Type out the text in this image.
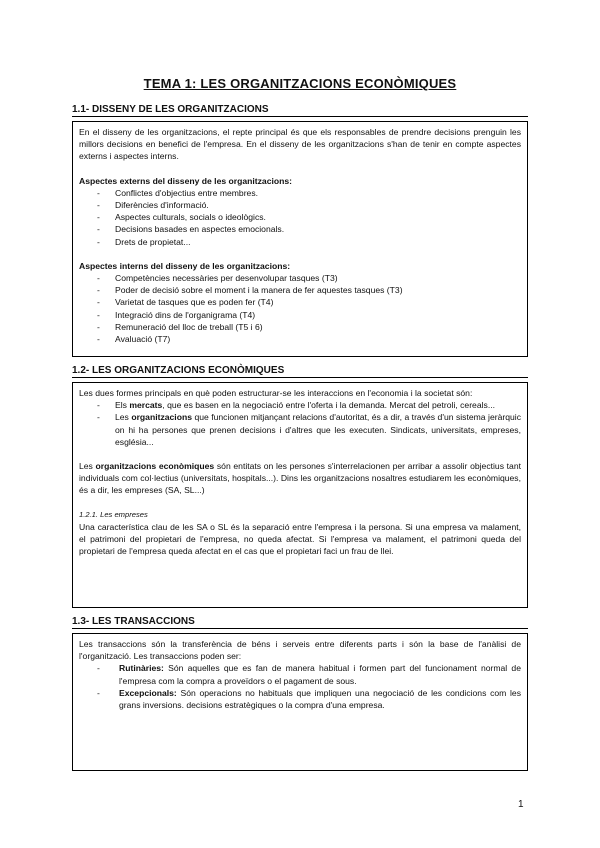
TEMA 1: LES ORGANITZACIONS ECONÒMIQUES
1.1- DISSENY DE LES ORGANITZACIONS

En el disseny de les organitzacions, el repte principal és que els responsables de prendre decisions prenguin les millors decisions en benefici de l'empresa. En el disseny de les organitzacions s'han de tenir en compte aspectes externs i aspectes interns.

Aspectes externs del disseny de les organitzacions:

- Conflictes d'objectius entre membres.
- Diferències d'informació.
- Aspectes culturals, socials o ideològics.
- Decisions basades en aspectes emocionals.
- Drets de propietat...

Aspectes interns del disseny de les organitzacions:

- Competències necessàries per desenvolupar tasques (T3)
- Poder de decisió sobre el moment i la manera de fer aquestes tasques (T3)
- Varietat de tasques que es poden fer (T4)
- Integració dins de l'organigrama (T4)
- Remuneració del lloc de treball (T5 i 6)
- Avaluació (T7)
1.2- LES ORGANITZACIONS ECONÒMIQUES

Les dues formes principals en què poden estructurar-se les interaccions en l'economia i la societat són:

- Els mercats, que es basen en la negociació entre l'oferta i la demanda. Mercat del petroli, cereals...
- Les organitzacions que funcionen mitjançant relacions d'autoritat, és a dir, a través d'un sistema jeràrquic on hi ha persones que prenen decisions i d'altres que les executen. Sindicats, universitats, empreses, església...

Les organitzacions econòmiques són entitats on les persones s'interrelacionen per arribar a assolir objectius tant individuals com col·lectius (universitats, hospitals...). Dins les organitzacions nosaltres estudiarem les econòmiques, és a dir, les empreses (SA, SL...)

1.2.1. Les empreses

Una característica clau de les SA o SL és la separació entre l'empresa i la persona. Si una empresa va malament, el patrimoni del propietari de l'empresa, no queda afectat. Si l'empresa va malament, el patrimoni queda del propietari de l'empresa queda afectat en el cas que el propietari faci un frau de llei.

1.3- LES TRANSACCIONS

Les transaccions són la transferència de béns i serveis entre diferents parts i són la base de l'anàlisi de l'organització. Les transaccions poden ser:

- Rutinàries: Són aquelles que es fan de manera habitual i formen part del funcionament normal de l'empresa com la compra a proveïdors o el pagament de sous.
- Excepcionals: Són operacions no habituals que impliquen una negociació de les condicions com les grans inversions. decisions estratègiques o la compra d'una empresa.
1
